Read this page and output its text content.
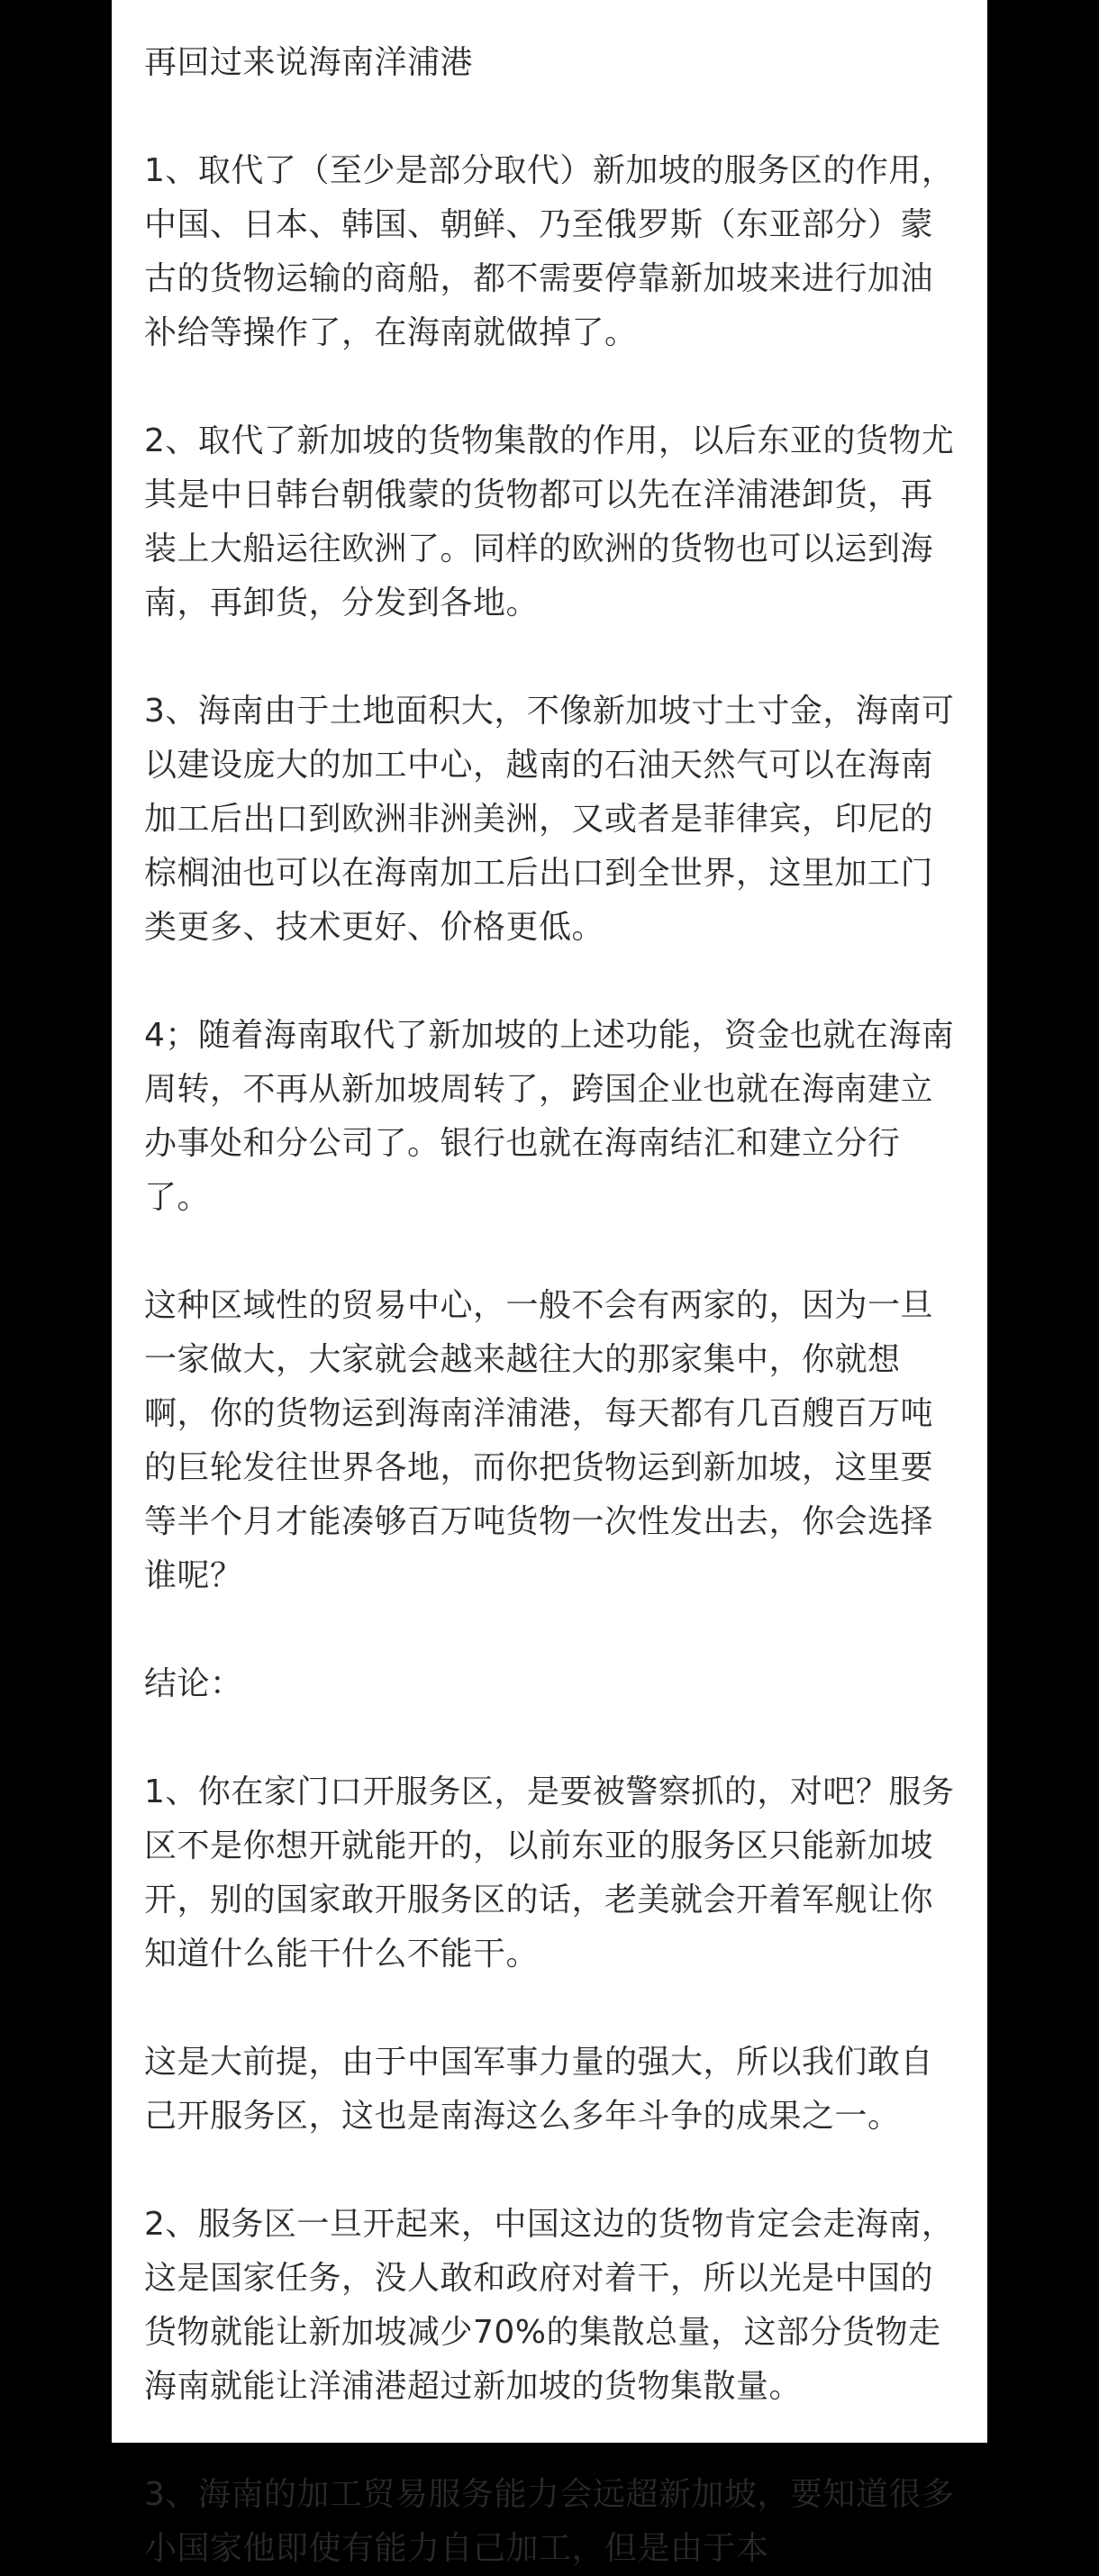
再回过来说海南洋浦港
1、取代了（至少是部分取代）新加坡的服务区的作用，中国、日本、韩国、朝鲜、乃至俄罗斯（东亚部分）蒙古的货物运输的商船，都不需要停靠新加坡来进行加油补给等操作了，在海南就做掉了。
2、取代了新加坡的货物集散的作用，以后东亚的货物尤其是中日韩台朝俄蒙的货物都可以先在洋浦港卸货，再装上大船运往欧洲了。同样的欧洲的货物也可以运到海南，再卸货，分发到各地。
3、海南由于土地面积大，不像新加坡寸土寸金，海南可以建设庞大的加工中心，越南的石油天然气可以在海南加工后出口到欧洲非洲美洲，又或者是菲律宾，印尼的棕榈油也可以在海南加工后出口到全世界，这里加工门类更多、技术更好、价格更低。
4；随着海南取代了新加坡的上述功能，资金也就在海南周转，不再从新加坡周转了，跨国企业也就在海南建立办事处和分公司了。银行也就在海南结汇和建立分行了。
这种区域性的贸易中心，一般不会有两家的，因为一旦一家做大，大家就会越来越往大的那家集中，你就想啊，你的货物运到海南洋浦港，每天都有几百艘百万吨的巨轮发往世界各地，而你把货物运到新加坡，这里要等半个月才能凑够百万吨货物一次性发出去，你会选择谁呢？
结论：
1、你在家门口开服务区，是要被警察抓的，对吧？服务区不是你想开就能开的，以前东亚的服务区只能新加坡开，别的国家敢开服务区的话，老美就会开着军舰让你知道什么能干什么不能干。
这是大前提，由于中国军事力量的强大，所以我们敢自己开服务区，这也是南海这么多年斗争的成果之一。
2、服务区一旦开起来，中国这边的货物肯定会走海南，这是国家任务，没人敢和政府对着干，所以光是中国的货物就能让新加坡减少70%的集散总量，这部分货物走海南就能让洋浦港超过新加坡的货物集散量。
3、海南的加工贸易服务能力会远超新加坡，要知道很多小国家他即使有能力自己加工，但是由于本
